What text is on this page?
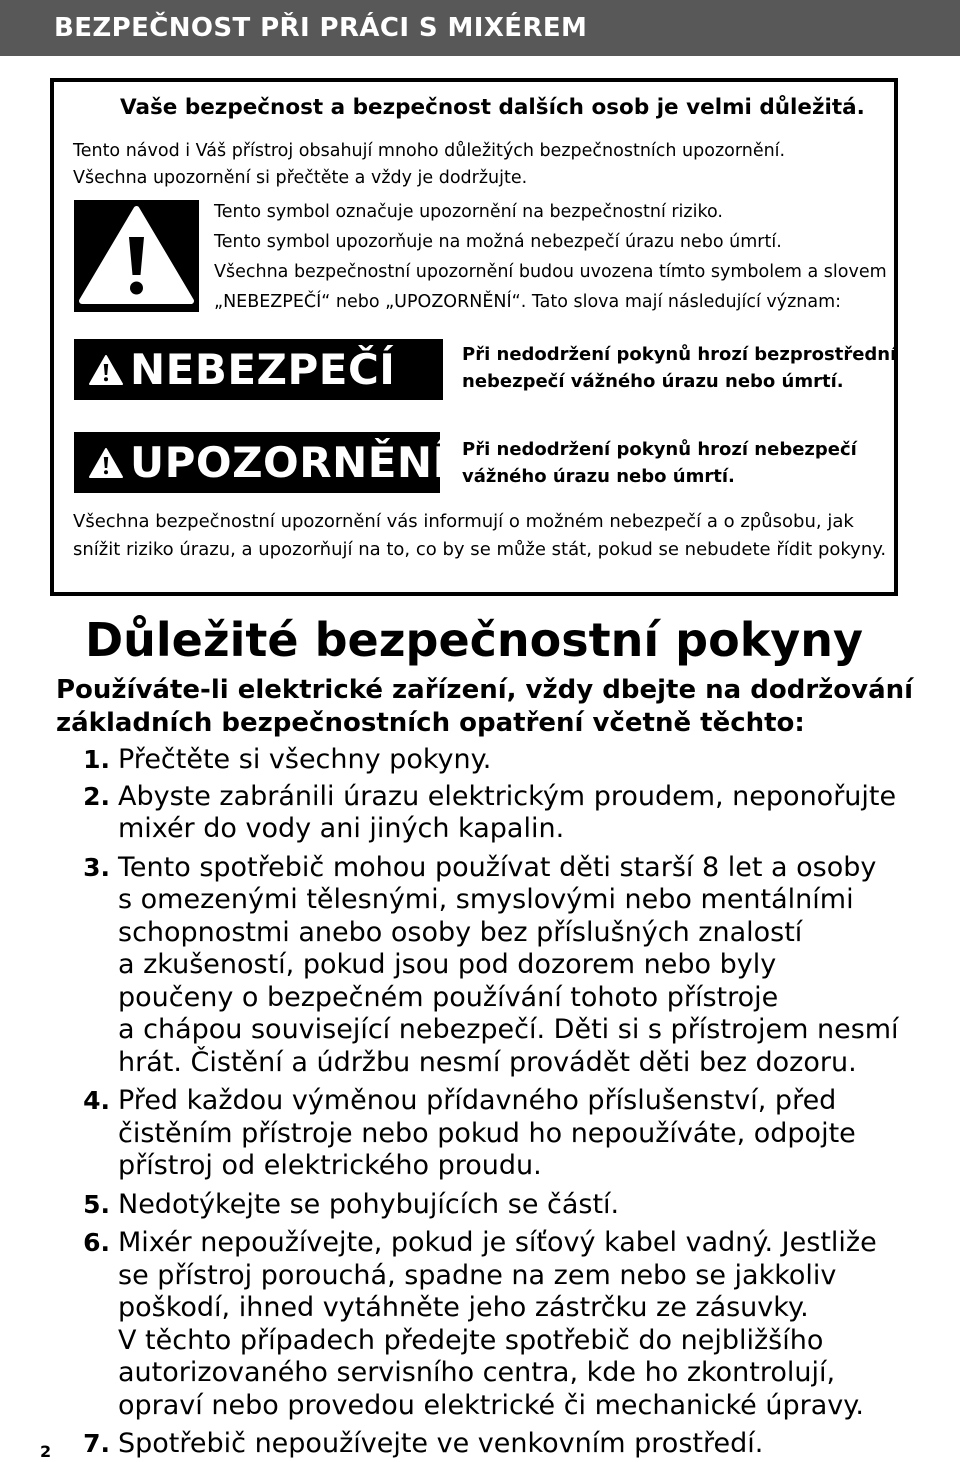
BEZPEČNOST PŘI PRÁCI S MIXÉREM
Vaše bezpečnost a bezpečnost dalších osob je velmi důležitá.
Tento návod i Váš přístroj obsahují mnoho důležitých bezpečnostních upozornění.
Všechna upozornění si přečtěte a vždy je dodržujte.
Tento symbol označuje upozornění na bezpečnostní riziko.
Tento symbol upozorňuje na možná nebezpečí úrazu nebo úmrtí.
Všechna bezpečnostní upozornění budou uvozena tímto symbolem a slovem
„NEBEZPEČÍ“ nebo „UPOZORNĚNÍ“. Tato slova mají následující význam:
NEBEZPEČÍ	Při nedodržení pokynů hrozí bezprostřední
nebezpečí vážného úrazu nebo úmrtí.
UPOZORNĚNÍ Při nedodržení pokynů hrozí nebezpečí
vážného úrazu nebo úmrtí.
Všechna bezpečnostní upozornění vás informují o možném nebezpečí a o způsobu, jak
snížit riziko úrazu, a upozorňují na to, co by se může stát, pokud se nebudete řídit pokyny.
Důležité bezpečnostní pokyny
Používáte-li elektrické zařízení, vždy dbejte na dodržování
základních bezpečnostních opatření včetně těchto:
1. Přečtěte si všechny pokyny.
2. Abyste zabránili úrazu elektrickým proudem, neponořujte
mixér do vody ani jiných kapalin.
3. Tento spotřebič mohou používat děti starší 8 let a osoby
s omezenými tělesnými, smyslovými nebo mentálními
schopnostmi anebo osoby bez příslušných znalostí
a zkušeností, pokud jsou pod dozorem nebo byly
poučeny o bezpečném používání tohoto přístroje
a chápou související nebezpečí. Děti si s přístrojem nesmí
hrát. Čistění a údržbu nesmí provádět děti bez dozoru.
4. Před každou výměnou přídavného příslušenství, před
čistěním přístroje nebo pokud ho nepoužíváte, odpojte
přístroj od elektrického proudu.
5. Nedotýkejte se pohybujících se částí.
6. Mixér nepoužívejte, pokud je síťový kabel vadný. Jestliže
se přístroj porouchá, spadne na zem nebo se jakkoliv
poškodí, ihned vytáhněte jeho zástrčku ze zásuvky.
V těchto případech předejte spotřebič do nejbližšího
autorizovaného servisního centra, kde ho zkontrolují,
opraví nebo provedou elektrické či mechanické úpravy.
7. Spotřebič nepoužívejte ve venkovním prostředí.
2
